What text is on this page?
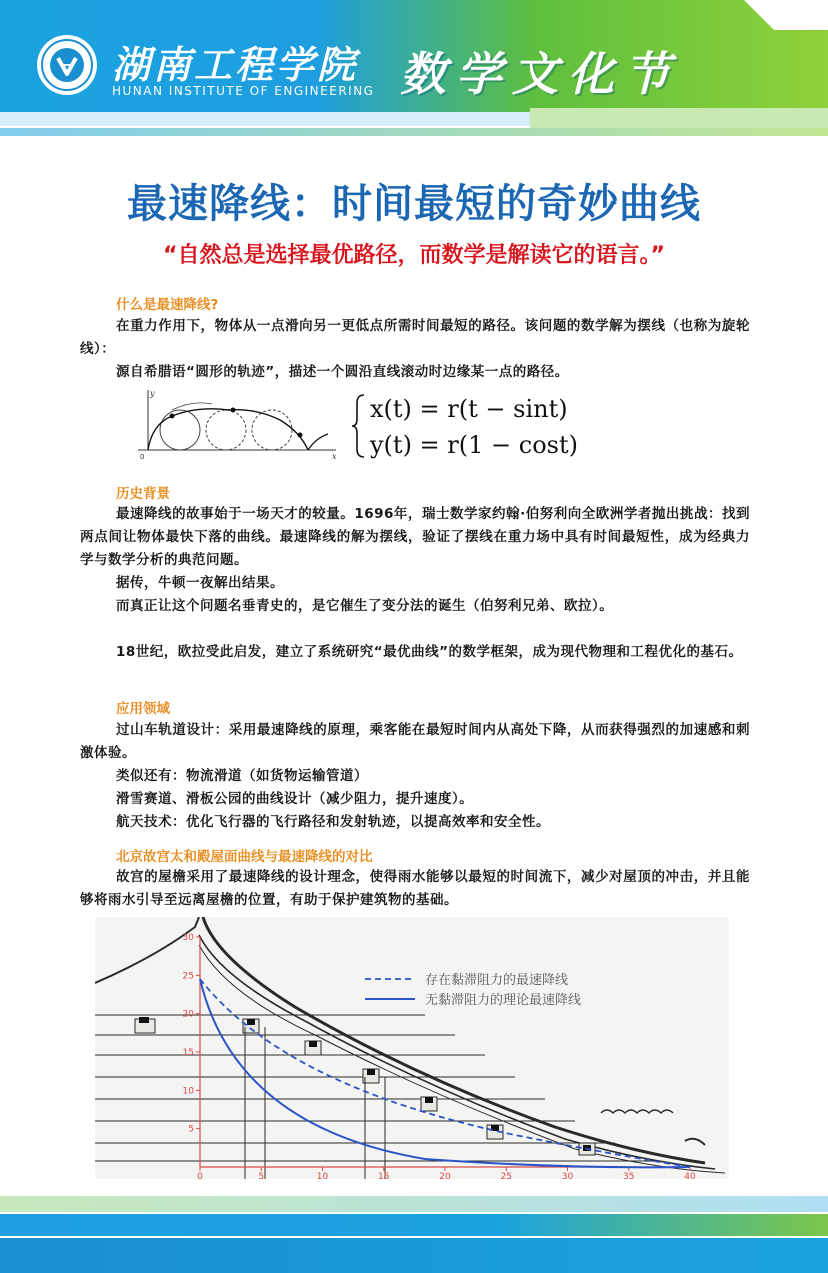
湖南工程学院
HUNAN INSTITUTE OF ENGINEERING 数学文化节
最速降线：时间最短的奇妙曲线
“自然总是选择最优路径，而数学是解读它的语言。”
什么是最速降线?
在重力作用下，物体从一点滑向另一更低点所需时间最短的路径。该问题的数学解为摆线（也称为旋轮线）：
源自希腊语“圆形的轨迹”，描述一个圆沿直线滚动时边缘某一点的路径。
y
x
0
x(t) = r(t − sint)
y(t) = r(1 − cost)
历史背景
最速降线的故事始于一场天才的较量。1696年，瑞士数学家约翰·伯努利向全欧洲学者抛出挑战：找到两点间让物体最快下落的曲线。最速降线的解为摆线，验证了摆线在重力场中具有时间最短性，成为经典力学与数学分析的典范问题。
据传，牛顿一夜解出结果。
而真正让这个问题名垂青史的，是它催生了变分法的诞生（伯努利兄弟、欧拉）。
18世纪，欧拉受此启发，建立了系统研究“最优曲线”的数学框架，成为现代物理和工程优化的基石。
应用领域
过山车轨道设计：采用最速降线的原理，乘客能在最短时间内从高处下降，从而获得强烈的加速感和刺激体验。
类似还有：物流滑道（如货物运输管道）
滑雪赛道、滑板公园的曲线设计（减少阻力，提升速度）。
航天技术：优化飞行器的飞行路径和发射轨迹，以提高效率和安全性。
北京故宫太和殿屋面曲线与最速降线的对比
故宫的屋檐采用了最速降线的设计理念，使得雨水能够以最短的时间流下，减少对屋顶的冲击，并且能够将雨水引导至远离屋檐的位置，有助于保护建筑物的基础。
0	5	10	15	20	25	30	35	40
5
10
15
20
25
30
存在黏滞阻力的最速降线
无黏滞阻力的理论最速降线
